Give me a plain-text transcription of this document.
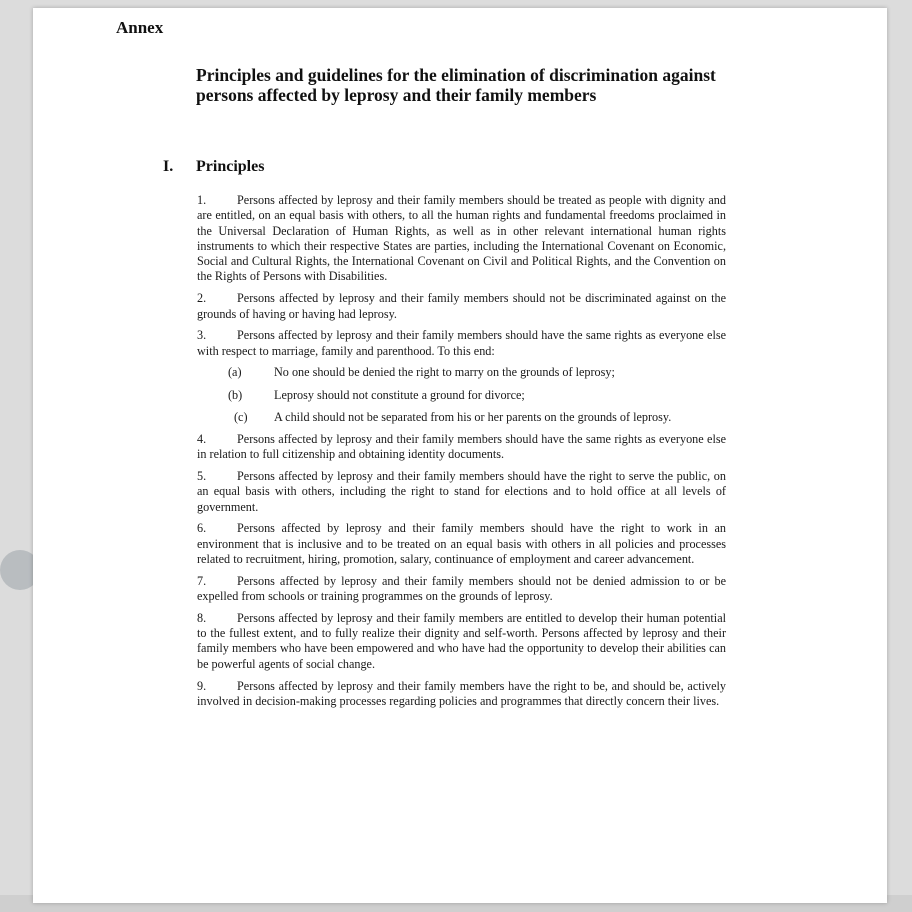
Annex
Principles and guidelines for the elimination of discrimination against persons affected by leprosy and their family members
I. Principles

1.	Persons affected by leprosy and their family members should be treated as people with dignity and are entitled, on an equal basis with others, to all the human rights and fundamental freedoms proclaimed in the Universal Declaration of Human Rights, as well as in other relevant international human rights instruments to which their respective States are parties, including the International Covenant on Economic, Social and Cultural Rights, the International Covenant on Civil and Political Rights, and the Convention on the Rights of Persons with Disabilities.

2.	Persons affected by leprosy and their family members should not be discriminated against on the grounds of having or having had leprosy.

3.	Persons affected by leprosy and their family members should have the same rights as everyone else with respect to marriage, family and parenthood. To this end:

(a)	No one should be denied the right to marry on the grounds of leprosy;

(b)	Leprosy should not constitute a ground for divorce;

(c) A child should not be separated from his or her parents on the grounds of leprosy.

4.	Persons affected by leprosy and their family members should have the same rights as everyone else in relation to full citizenship and obtaining identity documents.

5.	Persons affected by leprosy and their family members should have the right to serve the public, on an equal basis with others, including the right to stand for elections and to hold office at all levels of government.

6.	Persons affected by leprosy and their family members should have the right to work in an environment that is inclusive and to be treated on an equal basis with others in all policies and processes related to recruitment, hiring, promotion, salary, continuance of employment and career advancement.

7.	Persons affected by leprosy and their family members should not be denied admission to or be expelled from schools or training programmes on the grounds of leprosy.

8.	Persons affected by leprosy and their family members are entitled to develop their human potential to the fullest extent, and to fully realize their dignity and self-worth. Persons affected by leprosy and their family members who have been empowered and who have had the opportunity to develop their abilities can be powerful agents of social change.

9.	Persons affected by leprosy and their family members have the right to be, and should be, actively involved in decision-making processes regarding policies and programmes that directly concern their lives.
